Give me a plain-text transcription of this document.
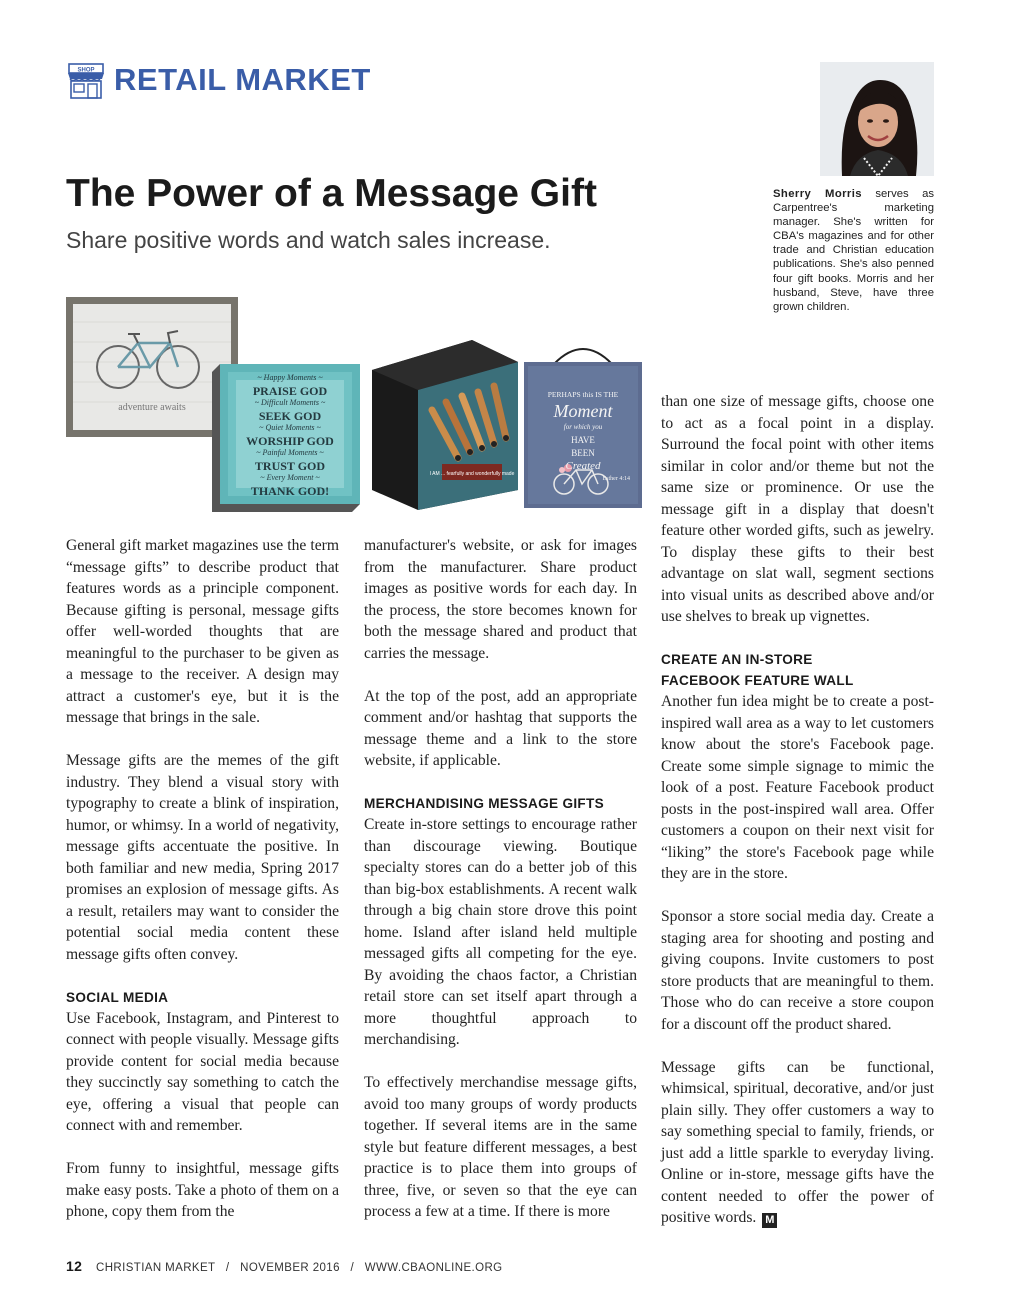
SHOP RETAIL MARKET
The Power of a Message Gift
Share positive words and watch sales increase.

Sherry Morris serves as Carpentree's marketing manager. She's written for CBA's magazines and for other trade and Christian education publications. She's also penned four gift books. Morris and her husband, Steve, have three grown children.

adventure awaits
~ Happy Moments ~
PRAISE GOD
~ Difficult Moments ~
SEEK GOD
~ Quiet Moments ~
WORSHIP GOD
~ Painful Moments ~
TRUST GOD
~ Every Moment ~
THANK GOD!
I AM ... fearfully and wonderfully made
PERHAPS this IS THE
Moment
for which you
HAVE
BEEN
Created
Esther 4:14

General gift market magazines use the term “message gifts” to describe product that features words as a principle component. Because gifting is personal, message gifts offer well-worded thoughts that are meaningful to the purchaser to be given as a message to the receiver. A design may attract a customer's eye, but it is the message that brings in the sale.

Message gifts are the memes of the gift industry. They blend a visual story with typography to create a blink of inspiration, humor, or whimsy. In a world of negativity, message gifts accentuate the positive. In both familiar and new media, Spring 2017 promises an explosion of message gifts. As a result, retailers may want to consider the potential social media content these message gifts often convey.

SOCIAL MEDIA

Use Facebook, Instagram, and Pinterest to connect with people visually. Message gifts provide content for social media because they succinctly say something to catch the eye, offering a visual that people can connect with and remember.

From funny to insightful, message gifts make easy posts. Take a photo of them on a phone, copy them from the

manufacturer's website, or ask for images from the manufacturer. Share product images as positive words for each day. In the process, the store becomes known for both the message shared and product that carries the message.

At the top of the post, add an appropriate comment and/or hashtag that supports the message theme and a link to the store website, if applicable.

MERCHANDISING MESSAGE GIFTS

Create in-store settings to encourage rather than discourage viewing. Boutique specialty stores can do a better job of this than big-box establishments. A recent walk through a big chain store drove this point home. Island after island held multiple messaged gifts all competing for the eye. By avoiding the chaos factor, a Christian retail store can set itself apart through a more thoughtful approach to merchandising.

To effectively merchandise message gifts, avoid too many groups of wordy products together. If several items are in the same style but feature different messages, a best practice is to place them into groups of three, five, or seven so that the eye can process a few at a time. If there is more

than one size of message gifts, choose one to act as a focal point in a display. Surround the focal point with other items similar in color and/or theme but not the same size or prominence. Or use the message gift in a display that doesn't feature other worded gifts, such as jewelry. To display these gifts to their best advantage on slat wall, segment sections into visual units as described above and/or use shelves to break up vignettes.

CREATE AN IN-STORE
FACEBOOK FEATURE WALL

Another fun idea might be to create a post-inspired wall area as a way to let customers know about the store's Facebook page. Create some simple signage to mimic the look of a post. Feature Facebook product posts in the post-inspired wall area. Offer customers a coupon on their next visit for “liking” the store's Facebook page while they are in the store.

Sponsor a store social media day. Create a staging area for shooting and posting and giving coupons. Invite customers to post store products that are meaningful to them. Those who do can receive a store coupon for a discount off the product shared.

Message gifts can be functional, whimsical, spiritual, decorative, and/or just plain silly. They offer customers a way to say something special to family, friends, or just add a little sparkle to everyday living. Online or in-store, message gifts have the content needed to offer the power of positive words. M

12 CHRISTIAN MARKET / NOVEMBER 2016 / WWW.CBAONLINE.ORG
